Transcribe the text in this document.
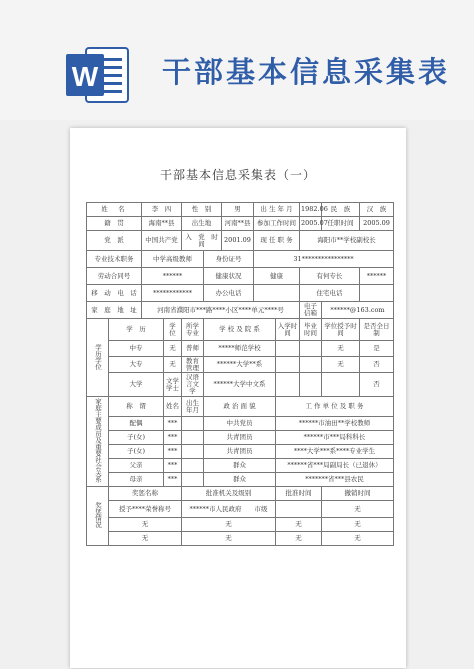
W 干部基本信息采集表
干部基本信息采集表（一）
姓　名		李　四		性　别		男	出 生 年 月		1982.06	民　族	汉　族
籍　贯		海南**县		出生地		河南**县	参加工作时间		2005.07	任职时间	2005.09
党　派		中国共产党		入　党　时　间		2001.09	现 任 职 务		海阳市**学校副校长		
专业技术职务		中学高级教师			身份证号		31****************				
劳动合同号		******			健康状况		健康		有何专长		******
移　动　电　话		************			办公电话				住宅电话		
家　庭　地　址		河南省濮阳市***路****小区****单元****号							电子信箱	******@163.com	
学历学位	学　历		学　位	所学专业	学 校 及 院 系			入学时间	毕业时间	学位授予时间	是否全日制
	中专		无	普师	*****师范学校					无	是
	大专		无	教育管理	******大学**系					无	否
	大学		文学学士	汉语言文学	******大学中文系						否
家庭主要成员及重要社会关系	称　谓		姓名	出生年月	政 治 面 貌			工 作 单 位 及 职 务			
	配偶		***		中共党员			******市油田**学校教师			
	子(女)		***		共青团员			******市***局科科长			
	子(女)		***		共青团员			****大学***系****专业学生			
	父亲		***		群众			******省***局副局长（已退休）			
	母亲		***		群众			*******省***县农民			
奖惩情况	奖惩名称			批准机关及级别				批准时间		撤销时间	
	授予****荣誉称号			******市人民政府　　市级						无	
	无			无				无		无	
	无			无				无		无	
